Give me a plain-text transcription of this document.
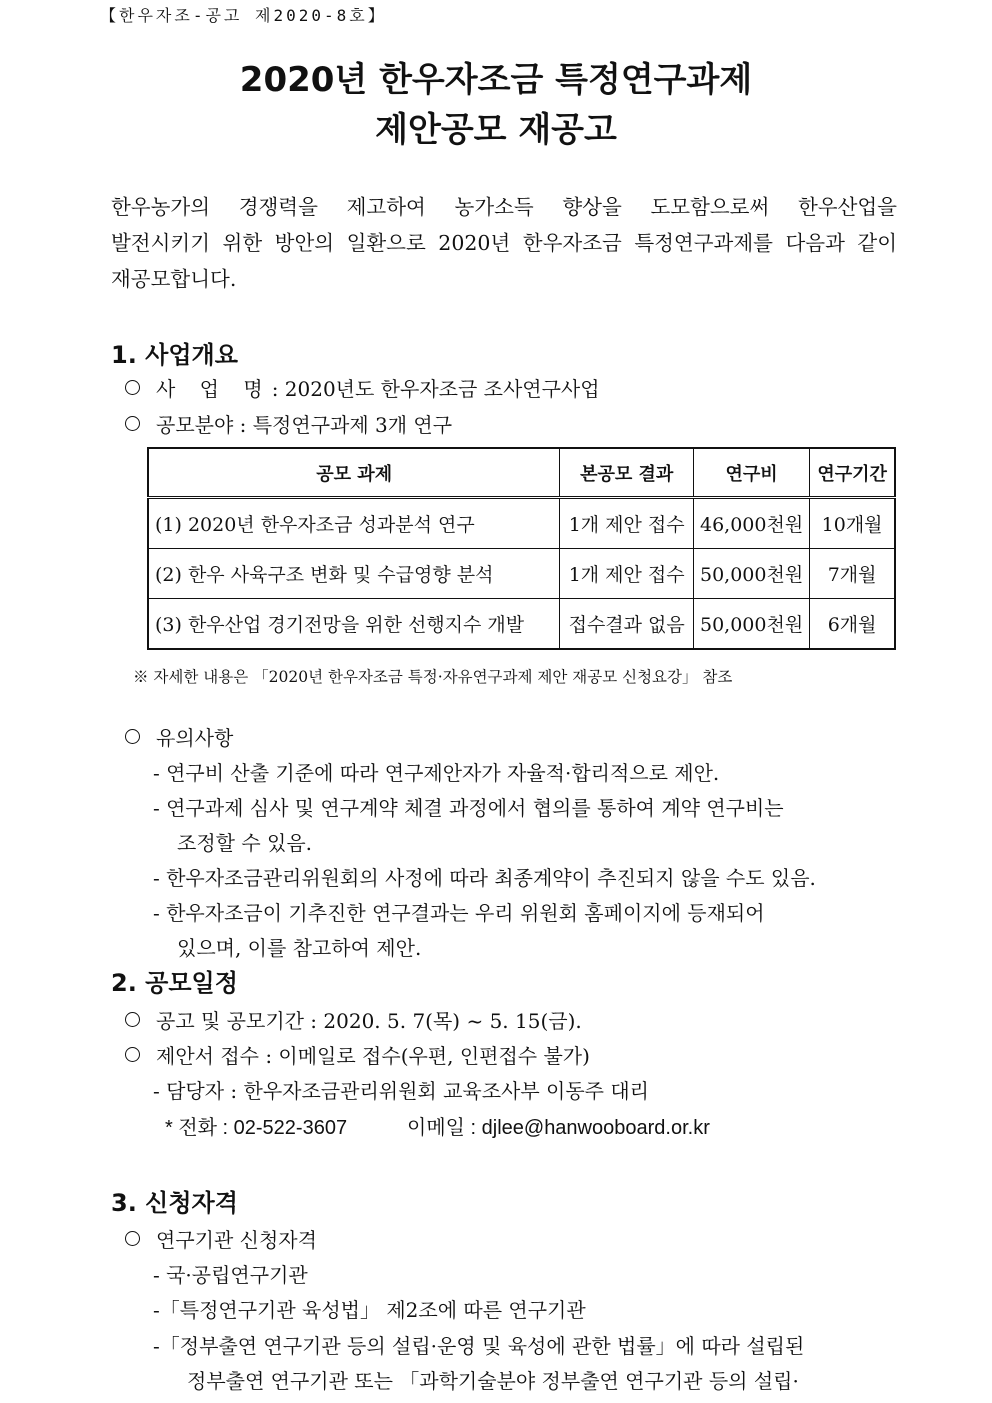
【한우자조-공고 제2020-8호】
2020년 한우자조금 특정연구과제
제안공모 재공고
한우농가의 경쟁력을 제고하여 농가소득 향상을 도모함으로써 한우산업을
발전시키기 위한 방안의 일환으로 2020년 한우자조금 특정연구과제를 다음과 같이
재공모합니다.
1. 사업개요
사 업 명: 2020년도 한우자조금 조사연구사업
공모분야 : 특정연구과제 3개 연구
공모 과제	본공모 결과	연구비	연구기간
(1) 2020년 한우자조금 성과분석 연구	1개 제안 접수	46,000천원	10개월
(2) 한우 사육구조 변화 및 수급영향 분석	1개 제안 접수	50,000천원	7개월
(3) 한우산업 경기전망을 위한 선행지수 개발	접수결과 없음	50,000천원	6개월
※ 자세한 내용은 「2020년 한우자조금 특정·자유연구과제 제안 재공모 신청요강」 참조
유의사항
- 연구비 산출 기준에 따라 연구제안자가 자율적·합리적으로 제안.
- 연구과제 심사 및 연구계약 체결 과정에서 협의를 통하여 계약 연구비는
조정할 수 있음.
- 한우자조금관리위원회의 사정에 따라 최종계약이 추진되지 않을 수도 있음.
- 한우자조금이 기추진한 연구결과는 우리 위원회 홈페이지에 등재되어
있으며, 이를 참고하여 제안.
2. 공모일정
공고 및 공모기간 : 2020. 5. 7(목) ~ 5. 15(금).
제안서 접수 : 이메일로 접수(우편, 인편접수 불가)
- 담당자 : 한우자조금관리위원회 교육조사부 이동주 대리
* 전화 : 02-522-3607	이메일 : djlee@hanwooboard.or.kr
3. 신청자격
연구기관 신청자격
- 국·공립연구기관
-「특정연구기관 육성법」 제2조에 따른 연구기관
-「정부출연 연구기관 등의 설립·운영 및 육성에 관한 법률」에 따라 설립된
정부출연 연구기관 또는 「과학기술분야 정부출연 연구기관 등의 설립·
